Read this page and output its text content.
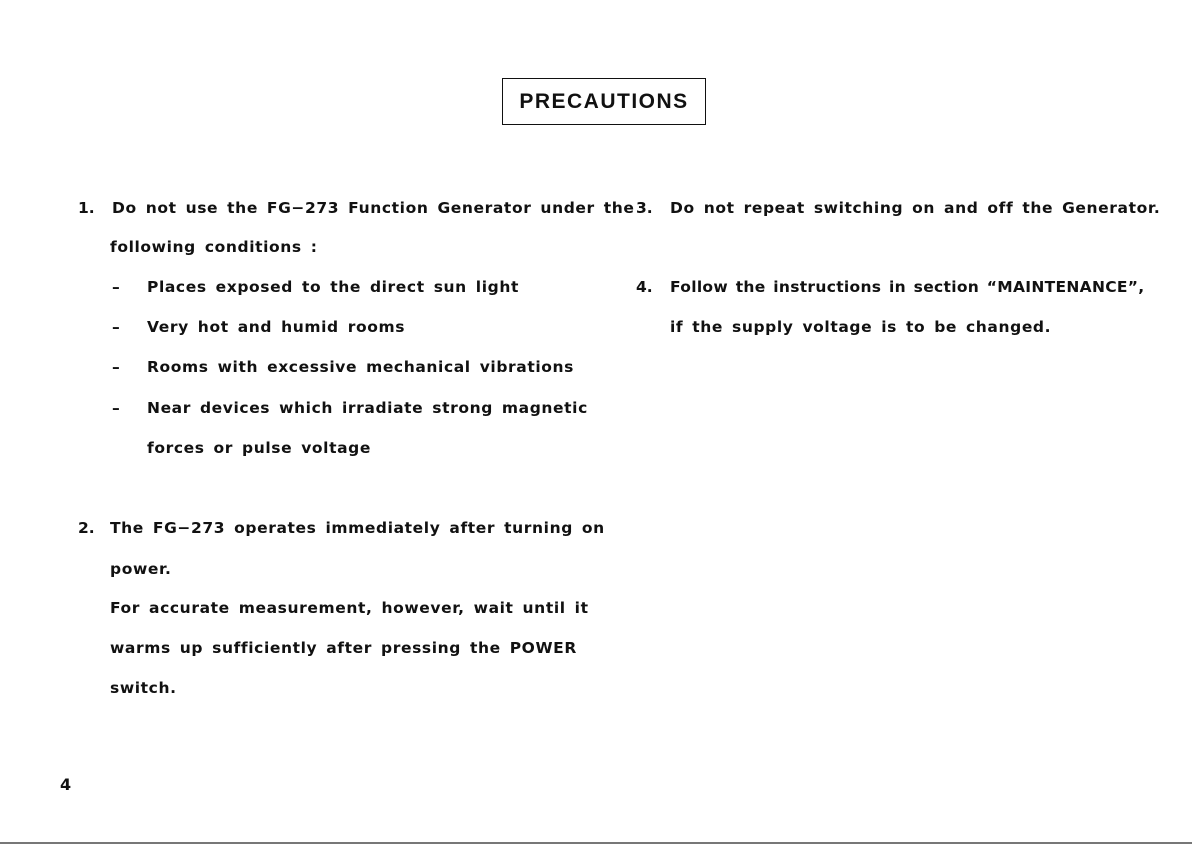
PRECAUTIONS
1. Do not use the FG−273 Function Generator under the
following conditions :
– Places exposed to the direct sun light
– Very hot and humid rooms
– Rooms with excessive mechanical vibrations
– Near devices which irradiate strong magnetic
forces or pulse voltage
2. The FG−273 operates immediately after turning on
power.
For accurate measurement, however, wait until it
warms up sufficiently after pressing the POWER
switch.
3. Do not repeat switching on and off the Generator.
4. Follow the instructions in section “MAINTENANCE”,
if the supply voltage is to be changed.
4
